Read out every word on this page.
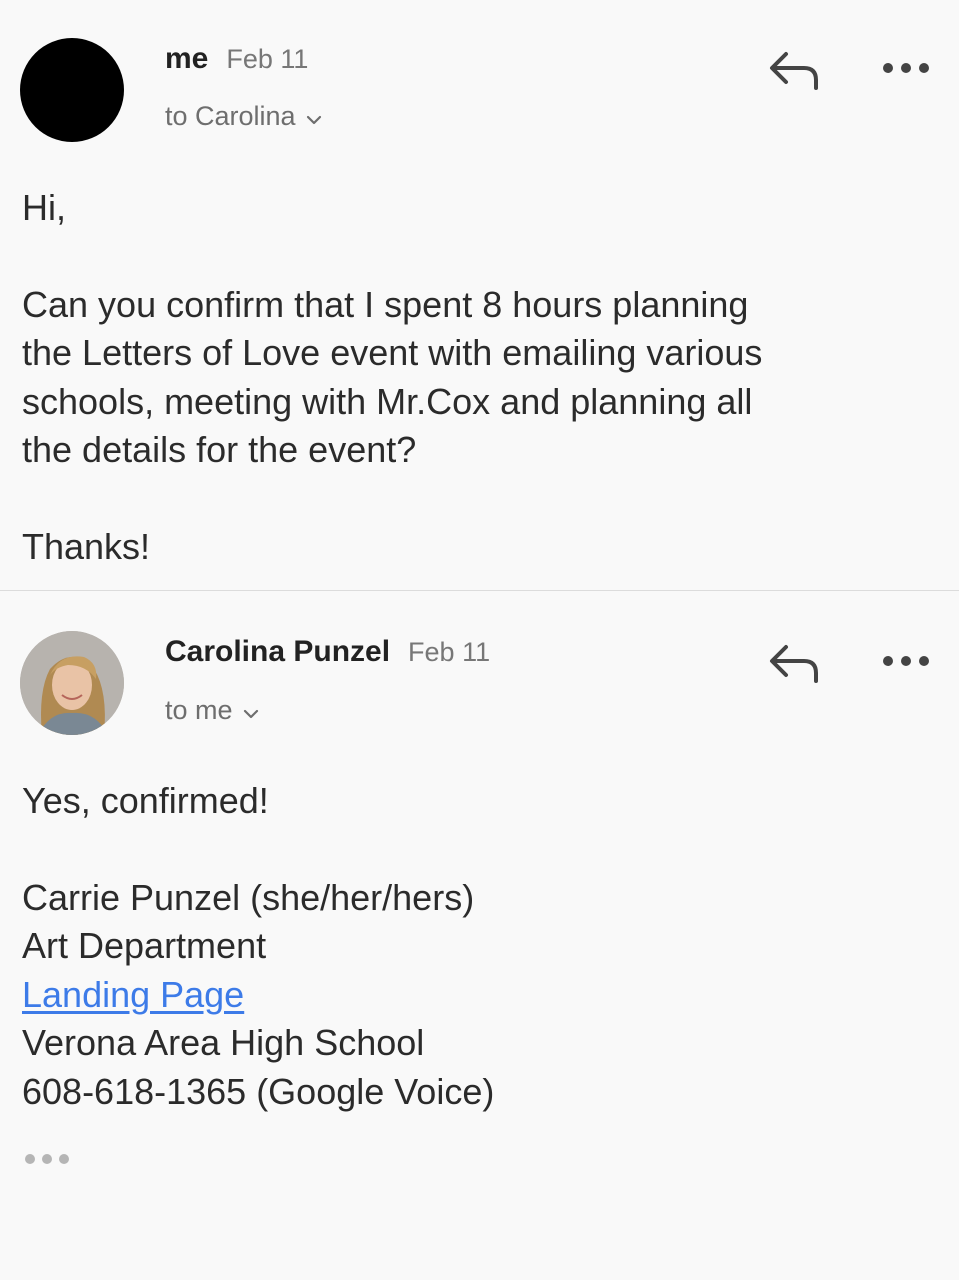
me Feb 11
to Carolina
Hi,
Can you confirm that I spent 8 hours planning
the Letters of Love event with emailing various
schools, meeting with Mr.Cox and planning all
the details for the event?
Thanks!
Carolina Punzel Feb 11
to me
Yes, confirmed!
Carrie Punzel (she/her/hers)
Art Department
Landing Page
Verona Area High School
608-618-1365 (Google Voice)
